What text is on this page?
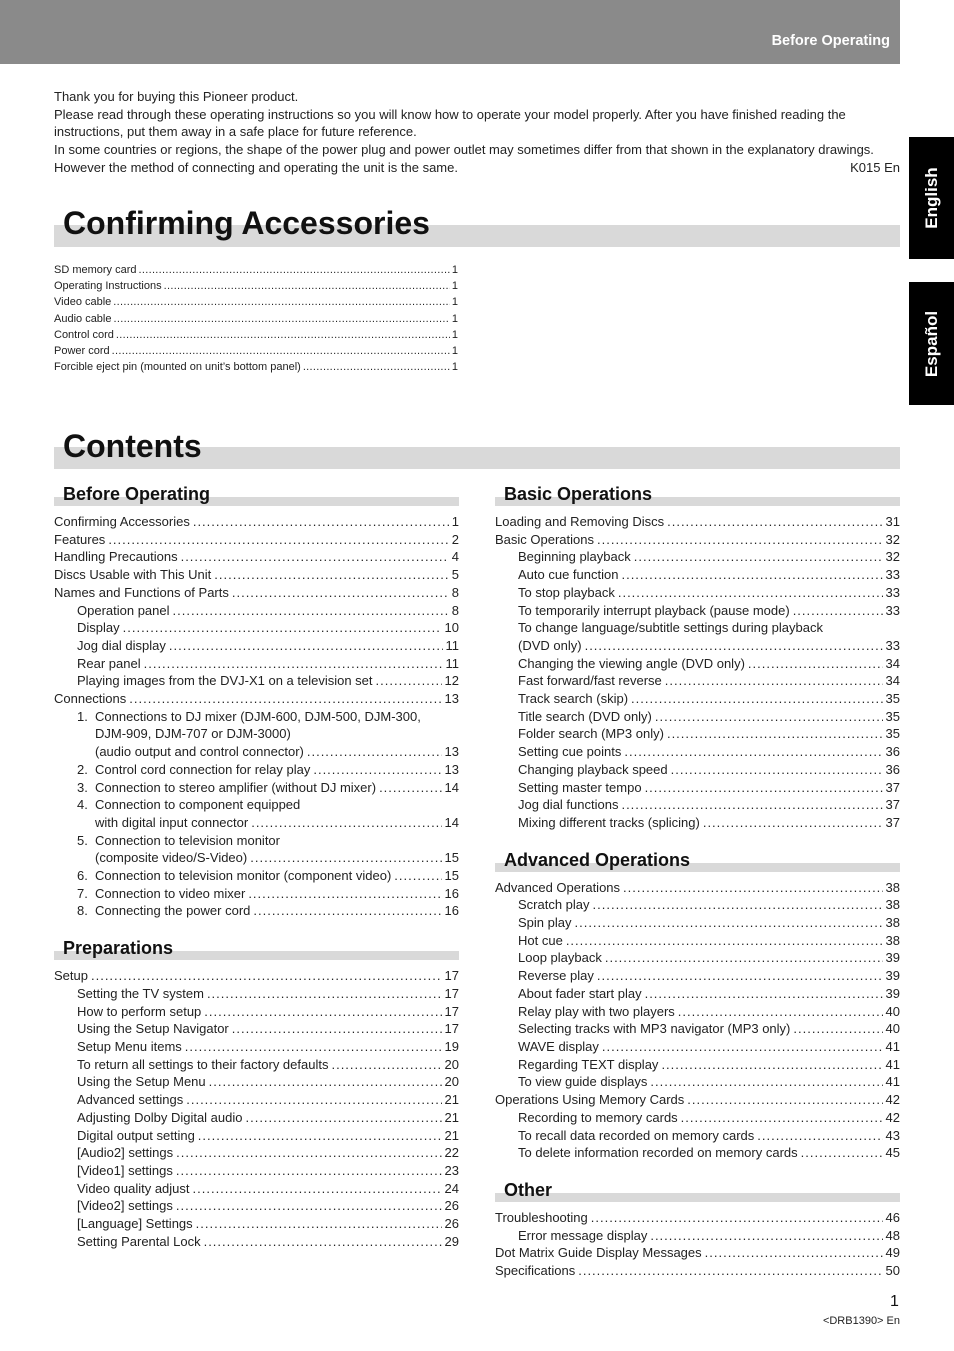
Before Operating
English
Español

Thank you for buying this Pioneer product.

Please read through these operating instructions so you will know how to operate your model properly. After you have finished reading the instructions, put them away in a safe place for future reference.

In some countries or regions, the shape of the power plug and power outlet may sometimes differ from that shown in the explanatory drawings. However the method of connecting and operating the unit is the same.	K015 En

Confirming Accessories
SD memory card .....	1
Operating Instructions .....	1
Video cable .....	1
Audio cable .....	1
Control cord .....	1
Power cord .....	1
Forcible eject pin (mounted on unit’s bottom panel) .....	1
Contents
Before Operating
Confirming Accessories .....	1
Features .....	2
Handling Precautions .....	4
Discs Usable with This Unit .....	5
Names and Functions of Parts .....	8
Operation panel .....	8
Display .....	10
Jog dial display .....	11
Rear panel .....	11
Playing images from the DVJ-X1 on a television set .....	12
Connections .....	13
1. Connections to DJ mixer (DJM-600, DJM-500, DJM-300,
DJM-909, DJM-707 or DJM-3000)
(audio output and control connector) .....	13
2. Control cord connection for relay play .....	13
3. Connection to stereo amplifier (without DJ mixer) .....	14
4. Connection to component equipped
with digital input connector .....	14
5. Connection to television monitor
(composite video/S-Video) .....	15
6. Connection to television monitor (component video) .....	15
7. Connection to video mixer .....	16
8. Connecting the power cord .....	16
Preparations
Setup .....	17
Setting the TV system .....	17
How to perform setup .....	17
Using the Setup Navigator .....	17
Setup Menu items .....	19
To return all settings to their factory defaults .....	20
Using the Setup Menu .....	20
Advanced settings .....	21
Adjusting Dolby Digital audio .....	21
Digital output setting .....	21
[Audio2] settings .....	22
[Video1] settings .....	23
Video quality adjust .....	24
[Video2] settings .....	26
[Language] Settings .....	26
Setting Parental Lock .....	29
Basic Operations
Loading and Removing Discs .....	31
Basic Operations .....	32
Beginning playback .....	32
Auto cue function .....	33
To stop playback .....	33
To temporarily interrupt playback (pause mode) .....	33
To change language/subtitle settings during playback
(DVD only) .....	33
Changing the viewing angle (DVD only) .....	34
Fast forward/fast reverse .....	34
Track search (skip) .....	35
Title search (DVD only) .....	35
Folder search (MP3 only) .....	35
Setting cue points .....	36
Changing playback speed .....	36
Setting master tempo .....	37
Jog dial functions .....	37
Mixing different tracks (splicing) .....	37
Advanced Operations
Advanced Operations .....	38
Scratch play .....	38
Spin play .....	38
Hot cue .....	38
Loop playback .....	39
Reverse play .....	39
About fader start play .....	39
Relay play with two players .....	40
Selecting tracks with MP3 navigator (MP3 only) .....	40
WAVE display .....	41
Regarding TEXT display .....	41
To view guide displays .....	41
Operations Using Memory Cards .....	42
Recording to memory cards .....	42
To recall data recorded on memory cards .....	43
To delete information recorded on memory cards .....	45
Other
Troubleshooting .....	46
Error message display .....	48
Dot Matrix Guide Display Messages .....	49
Specifications .....	50
1
<DRB1390> En
